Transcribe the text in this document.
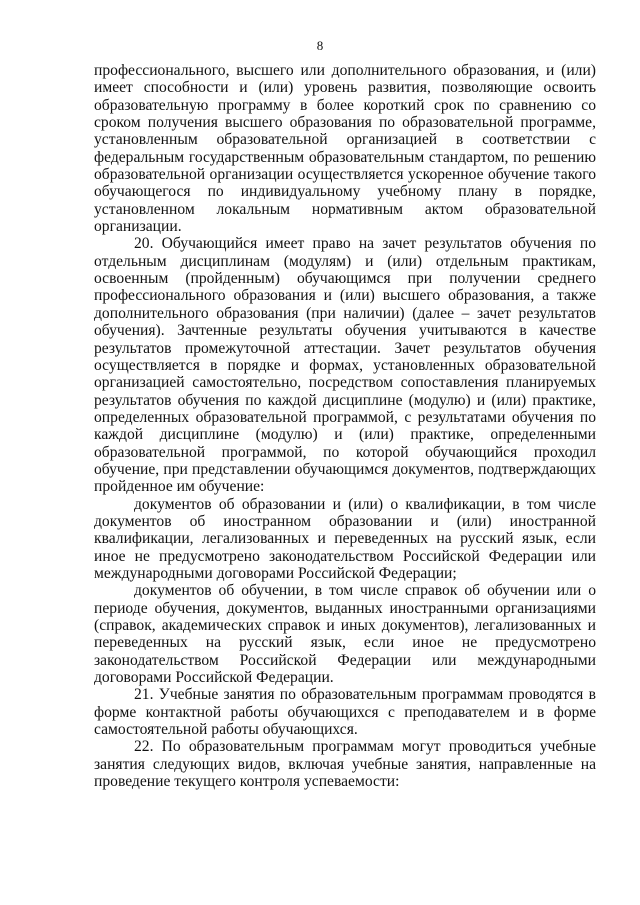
8

профессионального, высшего или дополнительного образования, и (или) имеет способности и (или) уровень развития, позволяющие освоить образовательную программу в более короткий срок по сравнению со сроком получения высшего образования по образовательной программе, установленным образовательной организацией в соответствии с федеральным государственным образовательным стандартом, по решению образовательной организации осуществляется ускоренное обучение такого обучающегося по индивидуальному учебному плану в порядке, установленном локальным нормативным актом образовательной организации.

20. Обучающийся имеет право на зачет результатов обучения по отдельным дисциплинам (модулям) и (или) отдельным практикам, освоенным (пройденным) обучающимся при получении среднего профессионального образования и (или) высшего образования, а также дополнительного образования (при наличии) (далее – зачет результатов обучения). Зачтенные результаты обучения учитываются в качестве результатов промежуточной аттестации. Зачет результатов обучения осуществляется в порядке и формах, установленных образовательной организацией самостоятельно, посредством сопоставления планируемых результатов обучения по каждой дисциплине (модулю) и (или) практике, определенных образовательной программой, с результатами обучения по каждой дисциплине (модулю) и (или) практике, определенными образовательной программой, по которой обучающийся проходил обучение, при представлении обучающимся документов, подтверждающих пройденное им обучение:

документов об образовании и (или) о квалификации, в том числе документов об иностранном образовании и (или) иностранной квалификации, легализованных и переведенных на русский язык, если иное не предусмотрено законодательством Российской Федерации или международными договорами Российской Федерации;

документов об обучении, в том числе справок об обучении или о периоде обучения, документов, выданных иностранными организациями (справок, академических справок и иных документов), легализованных и переведенных на русский язык, если иное не предусмотрено законодательством Российской Федерации или международными договорами Российской Федерации.

21. Учебные занятия по образовательным программам проводятся в форме контактной работы обучающихся с преподавателем и в форме самостоятельной работы обучающихся.

22. По образовательным программам могут проводиться учебные занятия следующих видов, включая учебные занятия, направленные на проведение текущего контроля успеваемости:
